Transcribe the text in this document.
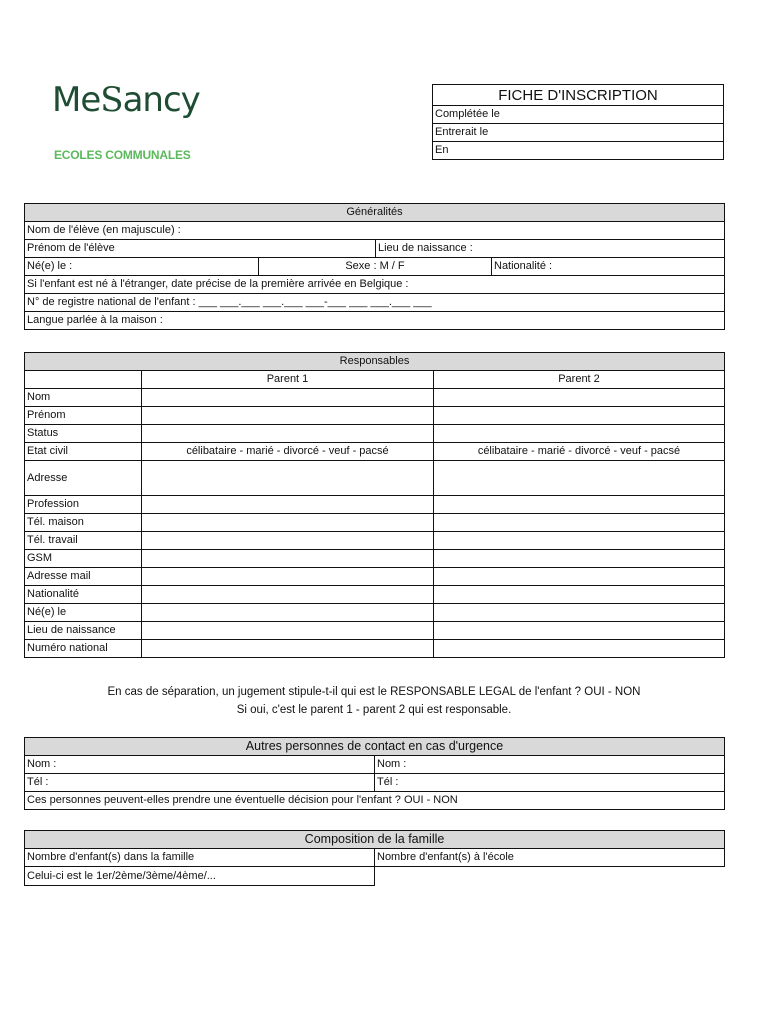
MeSancy
ECOLES COMMUNALES
FICHE D'INSCRIPTION
Complétée le
Entrerait le
En
Généralités			
Nom de l'élève (en majuscule) :			
Prénom de l'élève		Lieu de naissance :	
Né(e) le :	Sexe : M / F		Nationalité :
Si l'enfant est né à l'étranger, date précise de la première arrivée en Belgique :			
N° de registre national de l'enfant : ___ ___.___ ___.___ ___-___ ___ ___.___ ___			
Langue parlée à la maison :			
Responsables		
	Parent 1	Parent 2
Nom		
Prénom		
Status		
Etat civil	célibataire - marié - divorcé - veuf - pacsé	célibataire - marié - divorcé - veuf - pacsé
Adresse		
Profession		
Tél. maison		
Tél. travail		
GSM		
Adresse mail		
Nationalité		
Né(e) le		
Lieu de naissance		
Numéro national		
En cas de séparation, un jugement stipule-t-il qui est le RESPONSABLE LEGAL de l'enfant ? OUI - NON
Si oui, c'est le parent 1 - parent 2 qui est responsable.
Autres personnes de contact en cas d'urgence	
Nom :	Nom :
Tél :	Tél :
Ces personnes peuvent-elles prendre une éventuelle décision pour l'enfant ? OUI - NON	
Composition de la famille	
Nombre d'enfant(s) dans la famille	Nombre d'enfant(s) à l'école
Celui-ci est le 1er/2ème/3ème/4ème/...	
